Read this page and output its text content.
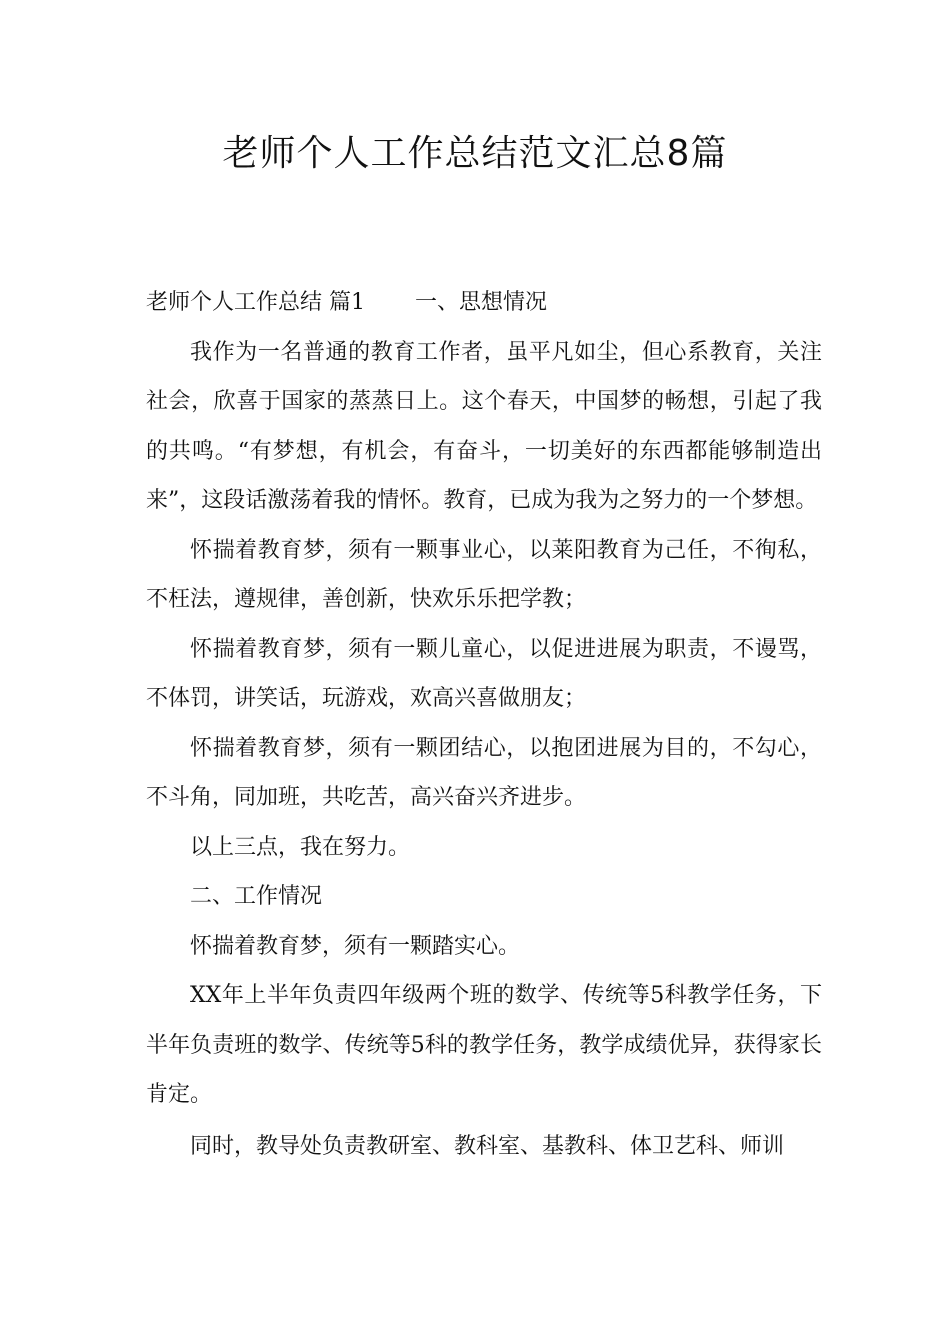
老师个人工作总结范文汇总8篇

老师个人工作总结 篇1 一、思想情况

我作为一名普通的教育工作者，虽平凡如尘，但心系教育，关注社会，欣喜于国家的蒸蒸日上。这个春天，中国梦的畅想，引起了我的共鸣。“有梦想，有机会，有奋斗，一切美好的东西都能够制造出来”，这段话激荡着我的情怀。教育，已成为我为之努力的一个梦想。

怀揣着教育梦，须有一颗事业心，以莱阳教育为己任，不徇私，不枉法，遵规律，善创新，快欢乐乐把学教；

怀揣着教育梦，须有一颗儿童心，以促进进展为职责，不谩骂，不体罚，讲笑话，玩游戏，欢高兴喜做朋友；

怀揣着教育梦，须有一颗团结心，以抱团进展为目的，不勾心，不斗角，同加班，共吃苦，高兴奋兴齐进步。

以上三点，我在努力。

二、工作情况

怀揣着教育梦，须有一颗踏实心。

XX年上半年负责四年级两个班的数学、传统等5科教学任务，下半年负责班的数学、传统等5科的教学任务，教学成绩优异，获得家长肯定。

同时，教导处负责教研室、教科室、基教科、体卫艺科、师训
